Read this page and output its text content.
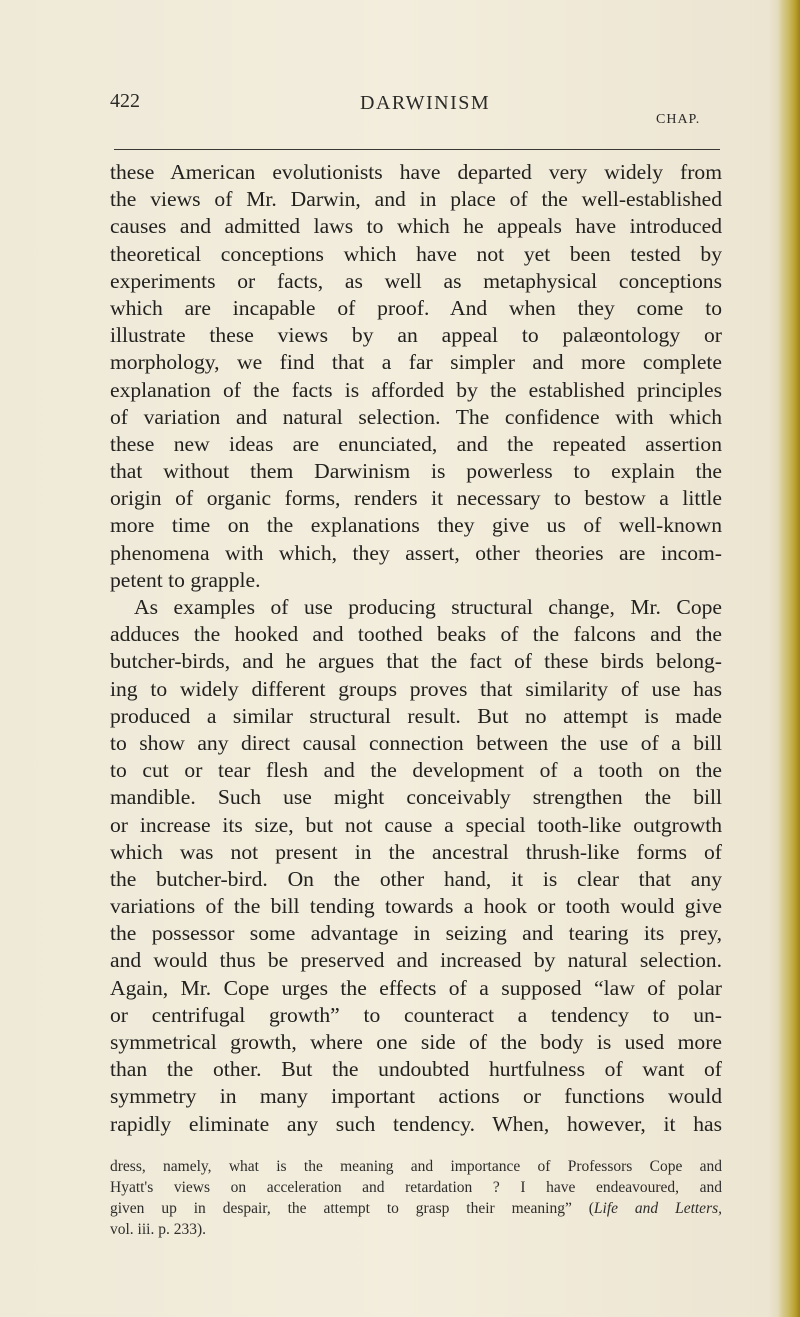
422	DARWINISM
CHAP.
these American evolutionists have departed very widely from
the views of Mr. Darwin, and in place of the well-established
causes and admitted laws to which he appeals have introduced
theoretical conceptions which have not yet been tested by
experiments or facts, as well as metaphysical conceptions
which are incapable of proof. And when they come to
illustrate these views by an appeal to palæontology or
morphology, we find that a far simpler and more complete
explanation of the facts is afforded by the established principles
of variation and natural selection. The confidence with which
these new ideas are enunciated, and the repeated assertion
that without them Darwinism is powerless to explain the
origin of organic forms, renders it necessary to bestow a little
more time on the explanations they give us of well-known
phenomena with which, they assert, other theories are incom-
petent to grapple.
As examples of use producing structural change, Mr. Cope
adduces the hooked and toothed beaks of the falcons and the
butcher-birds, and he argues that the fact of these birds belong-
ing to widely different groups proves that similarity of use has
produced a similar structural result. But no attempt is made
to show any direct causal connection between the use of a bill
to cut or tear flesh and the development of a tooth on the
mandible. Such use might conceivably strengthen the bill
or increase its size, but not cause a special tooth-like outgrowth
which was not present in the ancestral thrush-like forms of
the butcher-bird. On the other hand, it is clear that any
variations of the bill tending towards a hook or tooth would give
the possessor some advantage in seizing and tearing its prey,
and would thus be preserved and increased by natural selection.
Again, Mr. Cope urges the effects of a supposed “law of polar
or centrifugal growth” to counteract a tendency to un-
symmetrical growth, where one side of the body is used more
than the other. But the undoubted hurtfulness of want of
symmetry in many important actions or functions would
rapidly eliminate any such tendency. When, however, it has
dress, namely, what is the meaning and importance of Professors Cope and
Hyatt's views on acceleration and retardation ? I have endeavoured, and
given up in despair, the attempt to grasp their meaning” (Life and Letters,
vol. iii. p. 233).
